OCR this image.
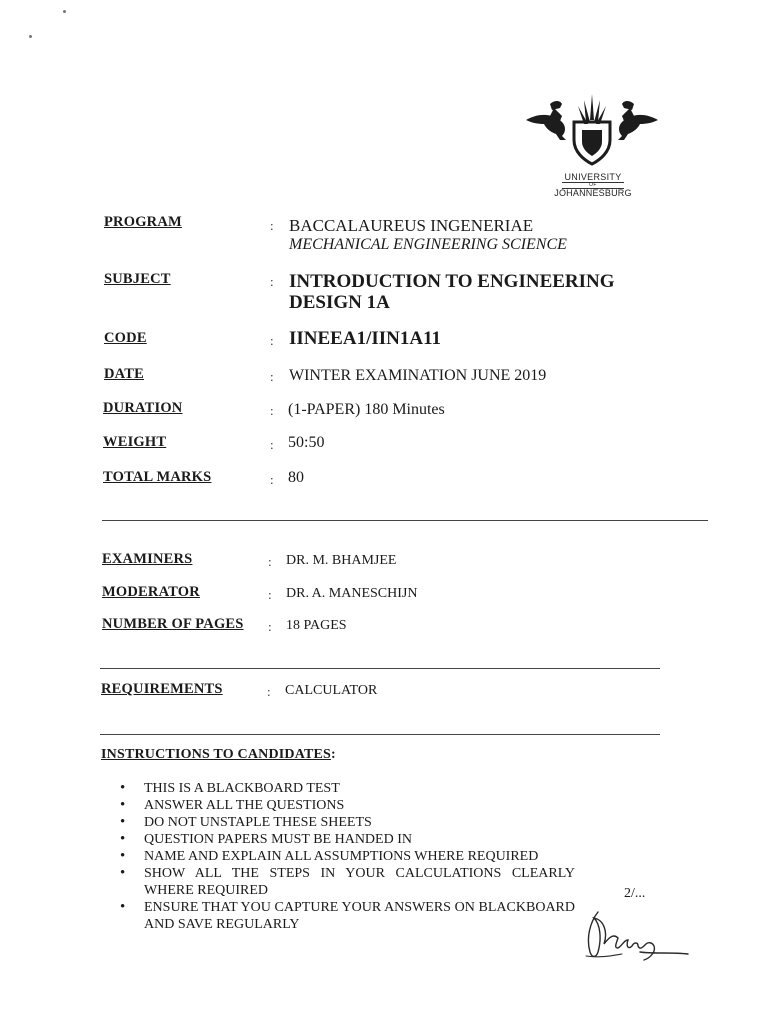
UNIVERSITY
OF
JOHANNESBURG
PROGRAM	: BACCALAUREUS INGENERIAE
MECHANICAL ENGINEERING SCIENCE
SUBJECT	: INTRODUCTION TO ENGINEERING DESIGN 1A
CODE	: IINEEA1/IIN1A11
DATE	: WINTER EXAMINATION JUNE 2019
DURATION	: (1-PAPER) 180 Minutes
WEIGHT	: 50:50
TOTAL MARKS	: 80
EXAMINERS	: DR. M. BHAMJEE
MODERATOR	: DR. A. MANESCHIJN
NUMBER OF PAGES : 18 PAGES
REQUIREMENTS	: CALCULATOR
INSTRUCTIONS TO CANDIDATES:
• THIS IS A BLACKBOARD TEST
• ANSWER ALL THE QUESTIONS
• DO NOT UNSTAPLE THESE SHEETS
• QUESTION PAPERS MUST BE HANDED IN
• NAME AND EXPLAIN ALL ASSUMPTIONS WHERE REQUIRED
• SHOW ALL THE STEPS IN YOUR CALCULATIONS CLEARLY WHERE REQUIRED
• ENSURE THAT YOU CAPTURE YOUR ANSWERS ON BLACKBOARD AND SAVE REGULARLY
2/...
